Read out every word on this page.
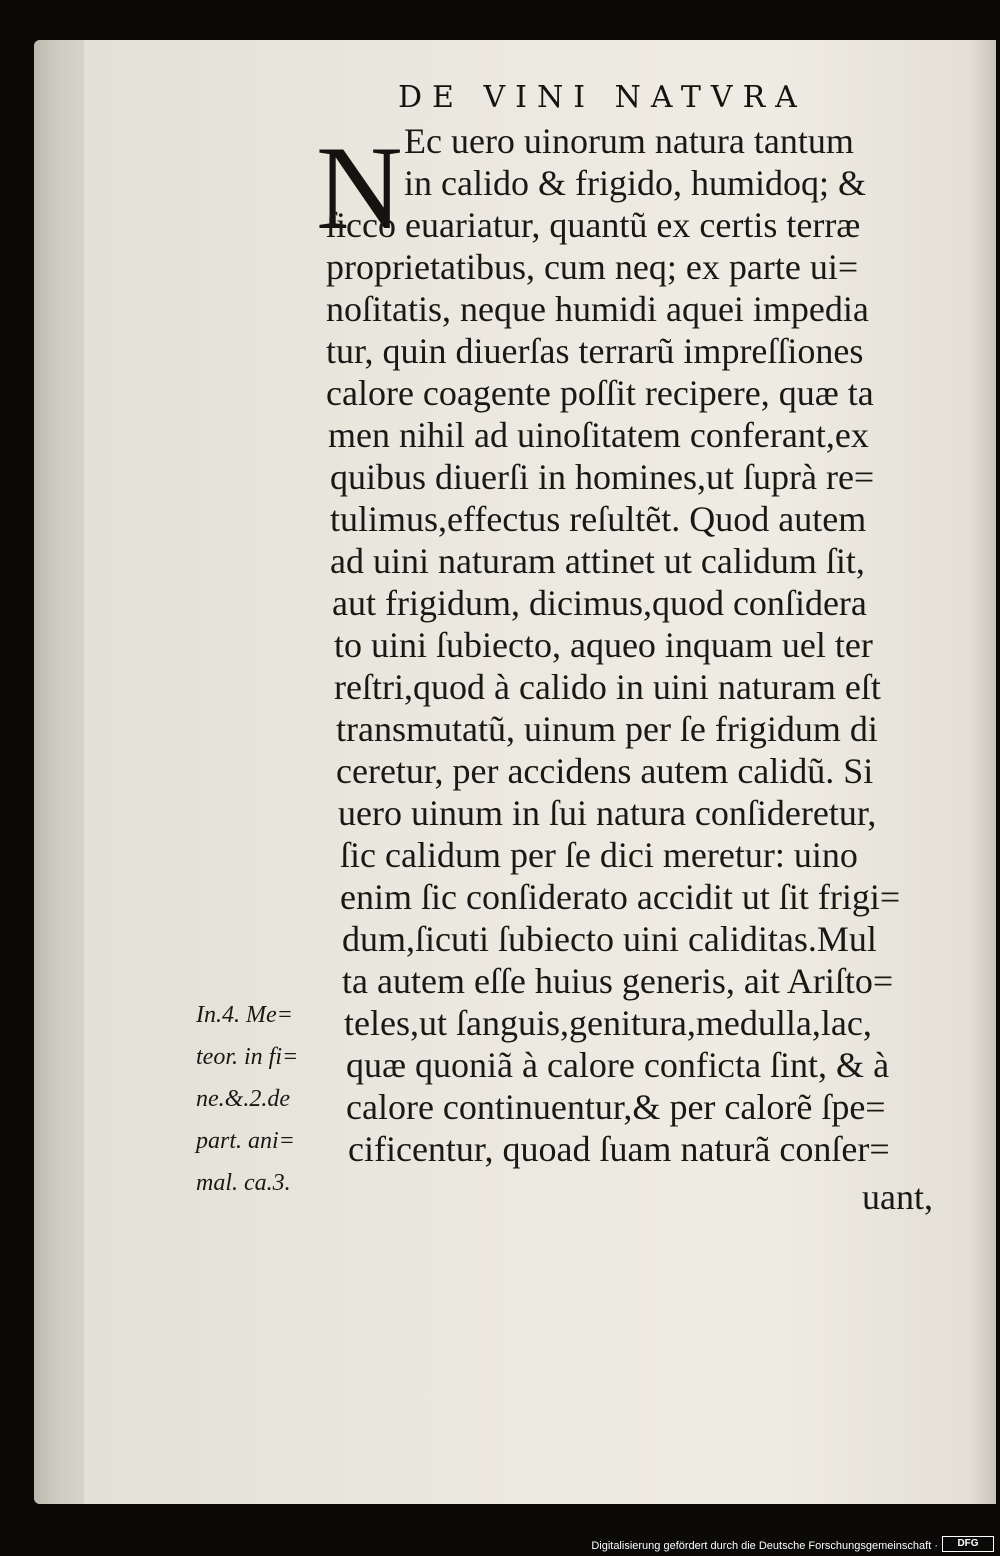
DE VINI NATVRA
N Ec uero uinorum natura tantum
in calido & frigido, humidoq; &
ſicco euariatur, quantũ ex certis terræ
proprietatibus, cum neq; ex parte ui=
noſitatis, neque humidi aquei impedia
tur, quin diuerſas terrarũ impreſſiones
calore coagente poſſit recipere, quæ ta
men nihil ad uinoſitatem conferant,ex
quibus diuerſi in homines,ut ſuprà re=
tulimus,effectus reſultẽt. Quod autem
ad uini naturam attinet ut calidum ſit,
aut frigidum, dicimus,quod conſidera
to uini ſubiecto, aqueo inquam uel ter
reſtri,quod à calido in uini naturam eſt
transmutatũ, uinum per ſe frigidum di
ceretur, per accidens autem calidũ. Si
uero uinum in ſui natura conſideretur,
ſic calidum per ſe dici meretur: uino
enim ſic conſiderato accidit ut ſit frigi=
dum,ſicuti ſubiecto uini caliditas.Mul
ta autem eſſe huius generis, ait Ariſto=
teles,ut ſanguis,genitura,medulla,lac,
quæ quoniã à calore confiᴄta ſint, & à
calore continuentur,& per calorẽ ſpe=
cificentur, quoad ſuam naturã conſer=
uant,
In.4. Me=
teor. in fi=
ne.&.2.de
part. ani=
mal. ca.3.
Digitalisierung gefördert durch die Deutsche Forschungsgemeinschaft ·	DFG
